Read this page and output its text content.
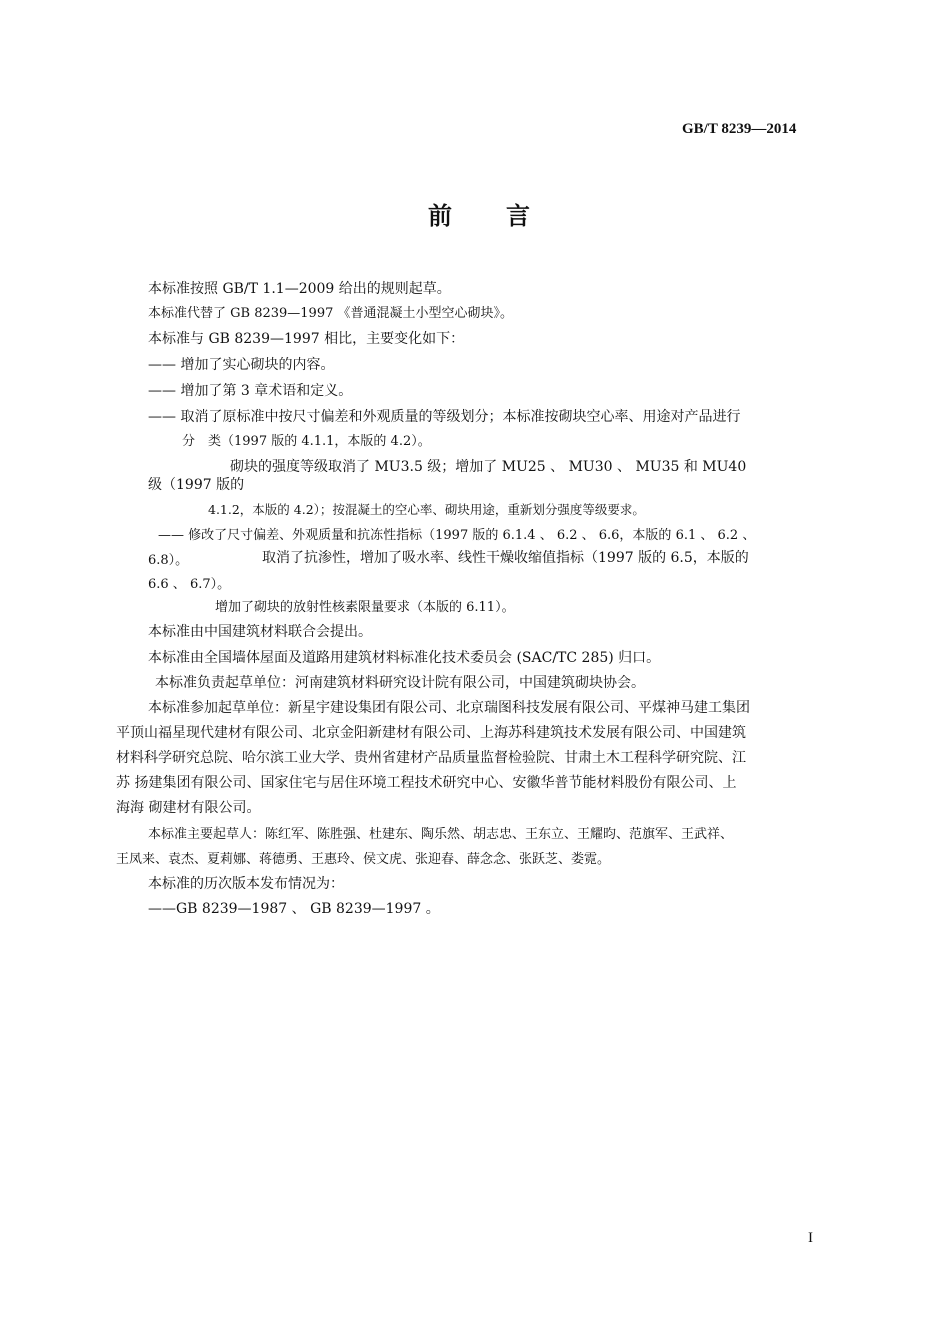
GB/T 8239—2014
前 言
本标准按照 GB/T 1.1—2009 给出的规则起草。
本标准代替了 GB 8239—1997 《普通混凝土小型空心砌块》。
本标准与 GB 8239—1997 相比，主要变化如下：
—— 增加了实心砌块的内容。
—— 增加了第 3 章术语和定义。
—— 取消了原标准中按尺寸偏差和外观质量的等级划分；本标准按砌块空心率、用途对产品进行
分　类（1997 版的 4.1.1，本版的 4.2）。
砌块的强度等级取消了 MU3.5 级；增加了 MU25 、 MU30 、 MU35 和 MU40
级（1997 版的
4.1.2，本版的 4.2）；按混凝土的空心率、砌块用途，重新划分强度等级要求。
—— 修改了尺寸偏差、外观质量和抗冻性指标（1997 版的 6.1.4 、 6.2 、 6.6，本版的 6.1 、 6.2 、
6.8）。	取消了抗渗性，增加了吸水率、线性干燥收缩值指标（1997 版的 6.5，本版的
6.6 、 6.7）。
增加了砌块的放射性核素限量要求（本版的 6.11）。
本标准由中国建筑材料联合会提出。
本标准由全国墙体屋面及道路用建筑材料标准化技术委员会 (SAC/TC 285) 归口。
本标准负责起草单位：河南建筑材料研究设计院有限公司，中国建筑砌块协会。
本标准参加起草单位：新星宇建设集团有限公司、北京瑞图科技发展有限公司、平煤神马建工集团
平顶山福星现代建材有限公司、北京金阳新建材有限公司、上海苏科建筑技术发展有限公司、中国建筑
材料科学研究总院、哈尔滨工业大学、贵州省建材产品质量监督检验院、甘肃土木工程科学研究院、江
苏 扬建集团有限公司、国家住宅与居住环境工程技术研究中心、安徽华普节能材料股份有限公司、上
海海 砌建材有限公司。
本标准主要起草人：陈红军、陈胜强、杜建东、陶乐然、胡志忠、王东立、王耀昀、范旗军、王武祥、
王凤来、袁杰、夏莉娜、蒋德勇、王惠玲、侯文虎、张迎春、薛念念、张跃芝、娄霓。
本标准的历次版本发布情况为：
——GB 8239—1987 、 GB 8239—1997 。
I
